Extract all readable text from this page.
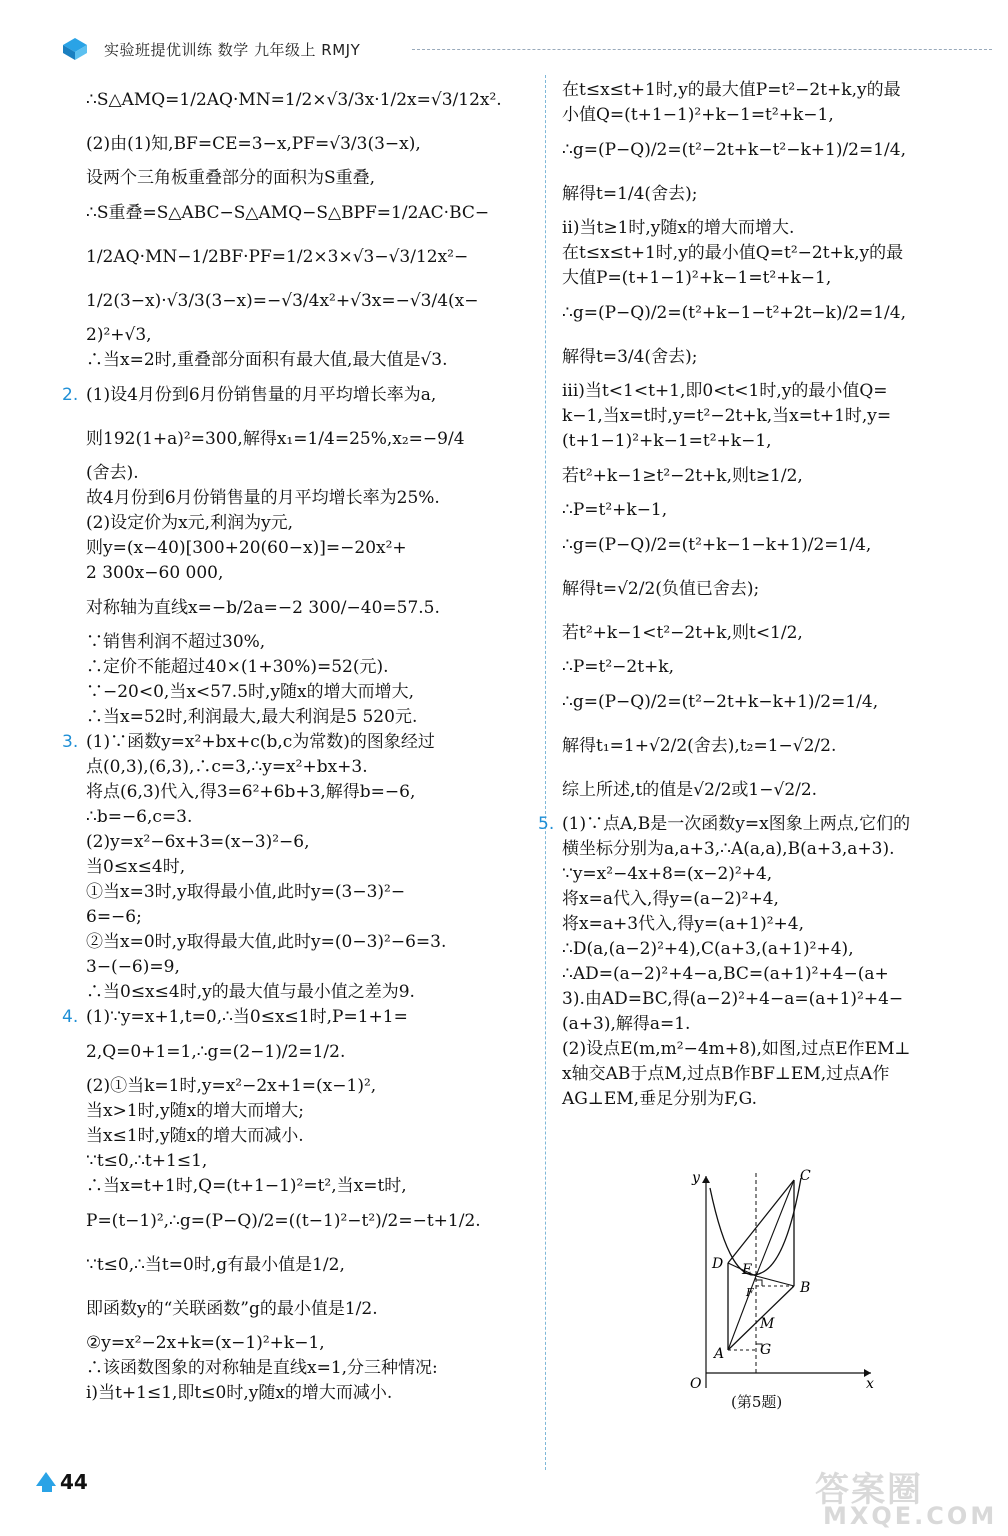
实验班提优训练 数学 九年级上 RMJY

∴S△AMQ=1/2AQ·MN=1/2×√3/3x·1/2x=√3/12x².

(2)由(1)知,BF=CE=3−x,PF=√3/3(3−x),

设两个三角板重叠部分的面积为S重叠,

∴S重叠=S△ABC−S△AMQ−S△BPF=1/2AC·BC−

1/2AQ·MN−1/2BF·PF=1/2×3×√3−√3/12x²−

1/2(3−x)·√3/3(3−x)=−√3/4x²+√3x=−√3/4(x−

2)²+√3,

∴当x=2时,重叠部分面积有最大值,最大值是√3.

2. (1)设4月份到6月份销售量的月平均增长率为a,

则192(1+a)²=300,解得x₁=1/4=25%,x₂=−9/4

(舍去).

故4月份到6月份销售量的月平均增长率为25%.

(2)设定价为x元,利润为y元,

则y=(x−40)[300+20(60−x)]=−20x²+

2 300x−60 000,

对称轴为直线x=−b/2a=−2 300/−40=57.5.

∵销售利润不超过30%,

∴定价不能超过40×(1+30%)=52(元).

∵−20<0,当x<57.5时,y随x的增大而增大,

∴当x=52时,利润最大,最大利润是5 520元.

3. (1)∵函数y=x²+bx+c(b,c为常数)的图象经过

点(0,3),(6,3),∴c=3,∴y=x²+bx+3.

将点(6,3)代入,得3=6²+6b+3,解得b=−6,

∴b=−6,c=3.

(2)y=x²−6x+3=(x−3)²−6,

当0≤x≤4时,

①当x=3时,y取得最小值,此时y=(3−3)²−

6=−6;

②当x=0时,y取得最大值,此时y=(0−3)²−6=3.

3−(−6)=9,

∴当0≤x≤4时,y的最大值与最小值之差为9.

4. (1)∵y=x+1,t=0,∴当0≤x≤1时,P=1+1=

2,Q=0+1=1,∴g=(2−1)/2=1/2.

(2)①当k=1时,y=x²−2x+1=(x−1)²,

当x>1时,y随x的增大而增大;

当x≤1时,y随x的增大而减小.

∵t≤0,∴t+1≤1,

∴当x=t+1时,Q=(t+1−1)²=t²,当x=t时,

P=(t−1)²,∴g=(P−Q)/2=((t−1)²−t²)/2=−t+1/2.

∵t≤0,∴当t=0时,g有最小值是1/2,

即函数y的“关联函数”g的最小值是1/2.

②y=x²−2x+k=(x−1)²+k−1,

∴该函数图象的对称轴是直线x=1,分三种情况:

i)当t+1≤1,即t≤0时,y随x的增大而减小.

在t≤x≤t+1时,y的最大值P=t²−2t+k,y的最

小值Q=(t+1−1)²+k−1=t²+k−1,

∴g=(P−Q)/2=(t²−2t+k−t²−k+1)/2=1/4,

解得t=1/4(舍去);

ii)当t≥1时,y随x的增大而增大.

在t≤x≤t+1时,y的最小值Q=t²−2t+k,y的最

大值P=(t+1−1)²+k−1=t²+k−1,

∴g=(P−Q)/2=(t²+k−1−t²+2t−k)/2=1/4,

解得t=3/4(舍去);

iii)当t<1<t+1,即0<t<1时,y的最小值Q=

k−1,当x=t时,y=t²−2t+k,当x=t+1时,y=

(t+1−1)²+k−1=t²+k−1,

若t²+k−1≥t²−2t+k,则t≥1/2,

∴P=t²+k−1,

∴g=(P−Q)/2=(t²+k−1−k+1)/2=1/4,

解得t=√2/2(负值已舍去);

若t²+k−1<t²−2t+k,则t<1/2,

∴P=t²−2t+k,

∴g=(P−Q)/2=(t²−2t+k−k+1)/2=1/4,

解得t₁=1+√2/2(舍去),t₂=1−√2/2.

综上所述,t的值是√2/2或1−√2/2.

5. (1)∵点A,B是一次函数y=x图象上两点,它们的

横坐标分别为a,a+3,∴A(a,a),B(a+3,a+3).

∵y=x²−4x+8=(x−2)²+4,

将x=a代入,得y=(a−2)²+4,

将x=a+3代入,得y=(a+1)²+4,

∴D(a,(a−2)²+4),C(a+3,(a+1)²+4),

∴AD=(a−2)²+4−a,BC=(a+1)²+4−(a+

3).由AD=BC,得(a−2)²+4−a=(a+1)²+4−

(a+3),解得a=1.

(2)设点E(m,m²−4m+8),如图,过点E作EM⊥

x轴交AB于点M,过点B作BF⊥EM,过点A作

AG⊥EM,垂足分别为F,G.

y
x
O
A
B
C
D E
F
M
G
(第5题)
44	答案圈
MXQE.COM
